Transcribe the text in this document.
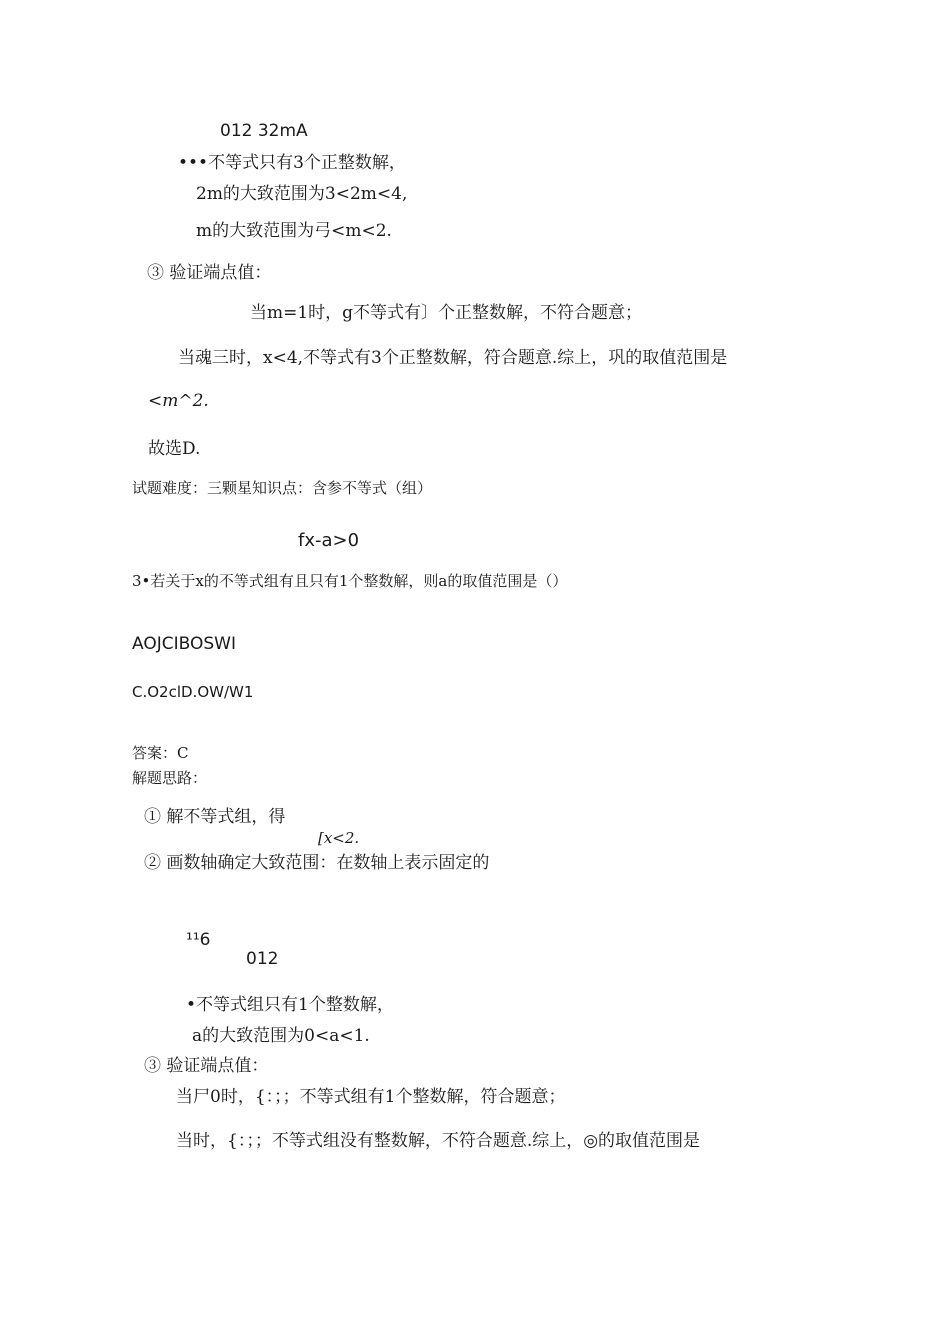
012 32mA
•••不等式只有3个正整数解，
2m的大致范围为3<2m<4,
m的大致范围为弓<m<2.
③ 验证端点值：
当m=1时，g不等式有〕个正整数解，不符合题意；
当魂三时，x<4,不等式有3个正整数解，符合题意.综上，巩的取值范围是
<m^2.
故选D.
试题难度：三颗星知识点：含参不等式（组）
fx-a>0
3•若关于x的不等式组有且只有1个整数解，则a的取值范围是（）
AOJCIBOSWI
C.O2clD.OW/W1
答案：C
解题思路：
① 解不等式组，得
[x<2.
② 画数轴确定大致范围：在数轴上表示固定的
¹¹6
012
•不等式组只有1个整数解，
a的大致范围为0<a<1.
③ 验证端点值：
当尸0时，{：；；不等式组有1个整数解，符合题意；
当时，{：；；不等式组没有整数解，不符合题意.综上，◎的取值范围是
